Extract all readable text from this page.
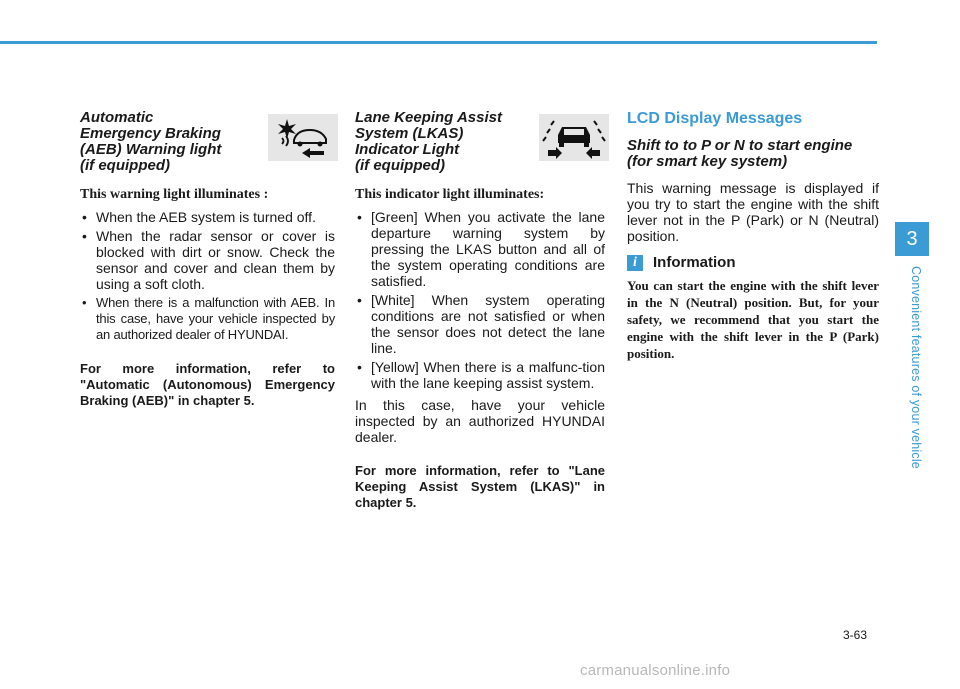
Automatic

Emergency Braking

(AEB) Warning light

(if equipped)

This warning light illuminates :

• When the AEB system is turned off.
• When the radar sensor or cover is blocked with dirt or snow. Check the sensor and cover and clean them by using a soft cloth.
• When there is a malfunction with AEB. In this case, have your vehicle inspected by an authorized dealer of HYUNDAI.

For more information, refer to "Automatic (Autonomous) Emergency Braking (AEB)" in chapter 5.

Lane Keeping Assist

System (LKAS)

Indicator Light

(if equipped)

This indicator light illuminates:

• [Green] When you activate the lane departure warning system by pressing the LKAS button and all of the system operating conditions are satisfied.
• [White] When system operating conditions are not satisfied or when the sensor does not detect the lane line.
• [Yellow] When there is a malfunc-tion with the lane keeping assist system.

In this case, have your vehicle inspected by an authorized HYUNDAI dealer.

For more information, refer to "Lane Keeping Assist System (LKAS)" in chapter 5.

LCD Display Messages

Shift to to P or N to start engine

(for smart key system)

This warning message is displayed if you try to start the engine with the shift lever not in the P (Park) or N (Neutral) position.

i	Information

You can start the engine with the shift lever in the N (Neutral) position. But, for your safety, we recommend that you start the engine with the shift lever in the P (Park) position.

3
Convenient features of your vehicle
3-63
carmanualsonline.info
